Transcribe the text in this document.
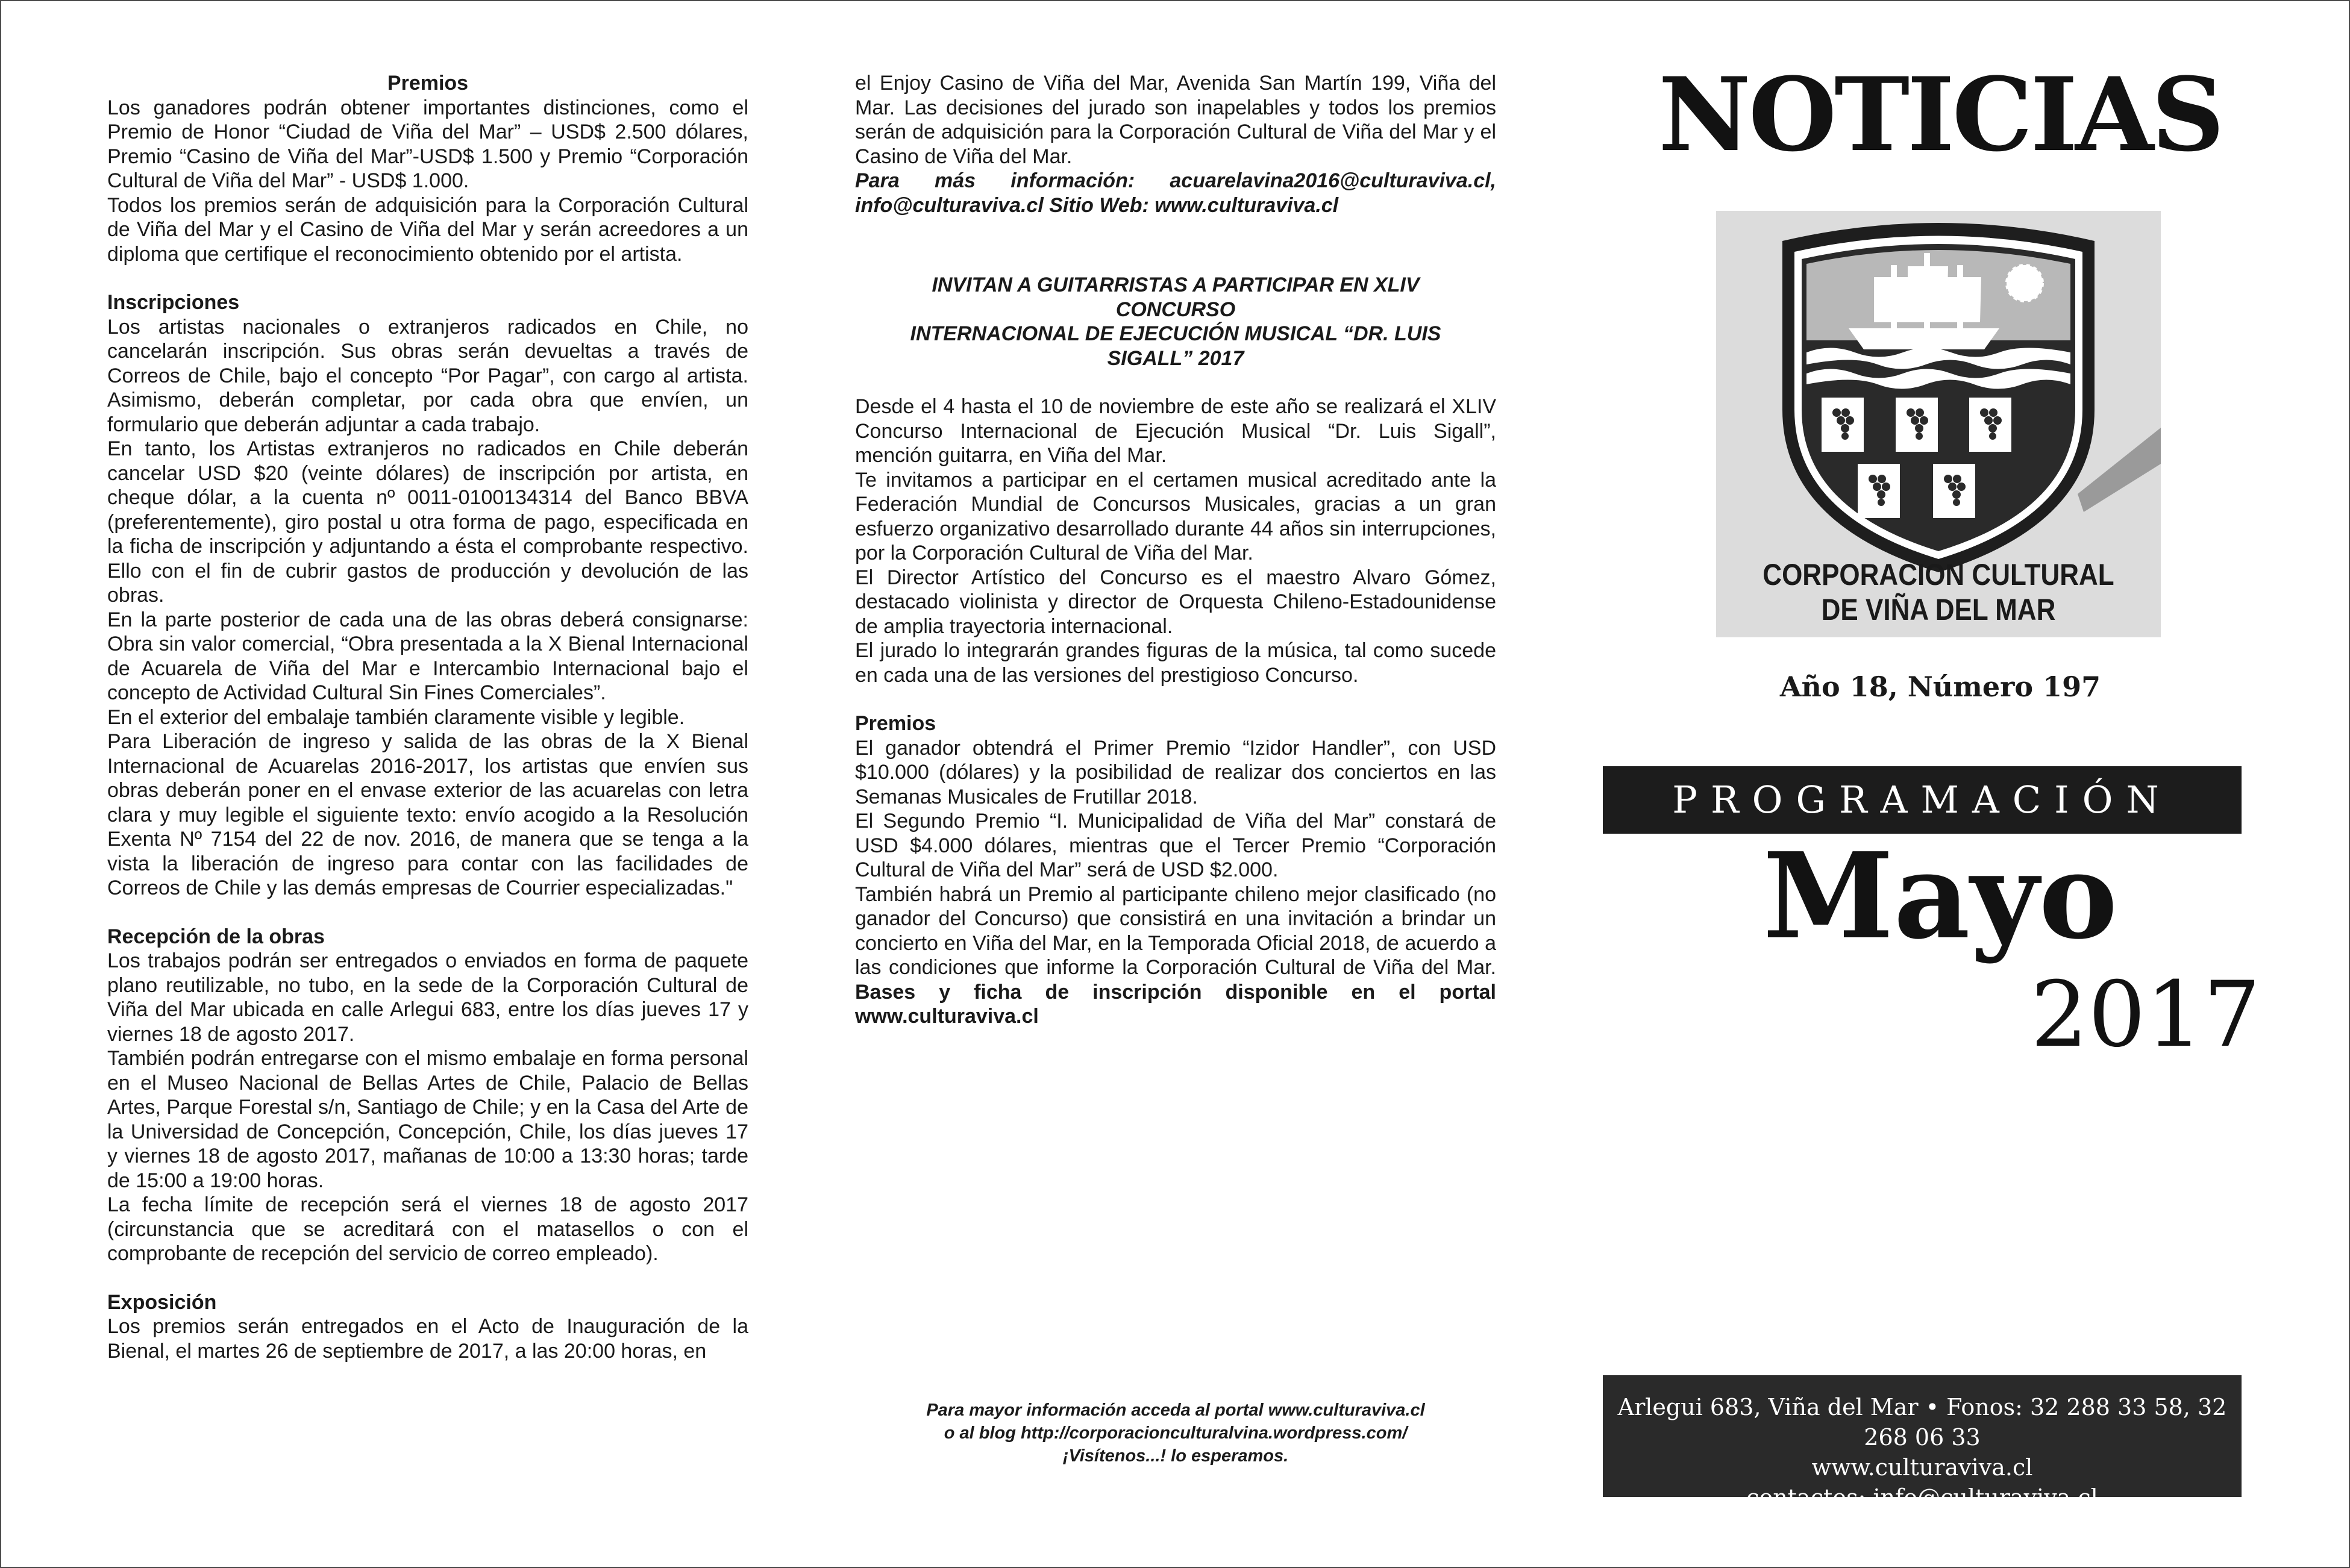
Premios

Los ganadores podrán obtener importantes distinciones, como el Premio de Honor “Ciudad de Viña del Mar” – USD$ 2.500 dólares, Premio “Casino de Viña del Mar”-USD$ 1.500 y Premio “Corporación Cultural de Viña del Mar” - USD$ 1.000.

Todos los premios serán de adquisición para la Corporación Cultural de Viña del Mar y el Casino de Viña del Mar y serán acreedores a un diploma que certifique el reconocimiento obtenido por el artista.

Inscripciones

Los artistas nacionales o extranjeros radicados en Chile, no cancelarán inscripción. Sus obras serán devueltas a través de Correos de Chile, bajo el concepto “Por Pagar”, con cargo al artista. Asimismo, deberán completar, por cada obra que envíen, un formulario que deberán adjuntar a cada trabajo.

En tanto, los Artistas extranjeros no radicados en Chile deberán cancelar USD $20 (veinte dólares) de inscripción por artista, en cheque dólar, a la cuenta nº 0011-0100134314 del Banco BBVA (preferentemente), giro postal u otra forma de pago, especificada en la ficha de inscripción y adjuntando a ésta el comprobante respectivo. Ello con el fin de cubrir gastos de producción y devolución de las obras.

En la parte posterior de cada una de las obras deberá consignarse: Obra sin valor comercial, “Obra presentada a la X Bienal Internacional de Acuarela de Viña del Mar e Intercambio Internacional bajo el concepto de Actividad Cultural Sin Fines Comerciales”.

En el exterior del embalaje también claramente visible y legible.

Para Liberación de ingreso y salida de las obras de la X Bienal Internacional de Acuarelas 2016-2017, los artistas que envíen sus obras deberán poner en el envase exterior de las acuarelas con letra clara y muy legible el siguiente texto: envío acogido a la Resolución Exenta Nº 7154 del 22 de nov. 2016, de manera que se tenga a la vista la liberación de ingreso para contar con las facilidades de Correos de Chile y las demás empresas de Courrier especializadas."

Recepción de la obras

Los trabajos podrán ser entregados o enviados en forma de paquete plano reutilizable, no tubo, en la sede de la Corporación Cultural de Viña del Mar ubicada en calle Arlegui 683, entre los días jueves 17 y viernes 18 de agosto 2017.

También podrán entregarse con el mismo embalaje en forma personal en el Museo Nacional de Bellas Artes de Chile, Palacio de Bellas Artes, Parque Forestal s/n, Santiago de Chile; y en la Casa del Arte de la Universidad de Concepción, Concepción, Chile, los días jueves 17 y viernes 18 de agosto 2017, mañanas de 10:00 a 13:30 horas; tarde de 15:00 a 19:00 horas.

La fecha límite de recepción será el viernes 18 de agosto 2017 (circunstancia que se acreditará con el matasellos o con el comprobante de recepción del servicio de correo empleado).

Exposición

Los premios serán entregados en el Acto de Inauguración de la Bienal, el martes 26 de septiembre de 2017, a las 20:00 horas, en

el Enjoy Casino de Viña del Mar, Avenida San Martín 199, Viña del Mar. Las decisiones del jurado son inapelables y todos los premios serán de adquisición para la Corporación Cultural de Viña del Mar y el Casino de Viña del Mar.

Para más información: acuarelavina2016@culturaviva.cl, info@culturaviva.cl Sitio Web: www.culturaviva.cl

INVITAN A GUITARRISTAS A PARTICIPAR EN XLIV

CONCURSO

INTERNACIONAL DE EJECUCIÓN MUSICAL “DR. LUIS

SIGALL” 2017

Desde el 4 hasta el 10 de noviembre de este año se realizará el XLIV Concurso Internacional de Ejecución Musical “Dr. Luis Sigall”, mención guitarra, en Viña del Mar.

Te invitamos a participar en el certamen musical acreditado ante la Federación Mundial de Concursos Musicales, gracias a un gran esfuerzo organizativo desarrollado durante 44 años sin interrupciones, por la Corporación Cultural de Viña del Mar.

El Director Artístico del Concurso es el maestro Alvaro Gómez, destacado violinista y director de Orquesta Chileno-Estadounidense de amplia trayectoria internacional.

El jurado lo integrarán grandes figuras de la música, tal como sucede en cada una de las versiones del prestigioso Concurso.

Premios

El ganador obtendrá el Primer Premio “Izidor Handler”, con USD $10.000 (dólares) y la posibilidad de realizar dos conciertos en las Semanas Musicales de Frutillar 2018.

El Segundo Premio “I. Municipalidad de Viña del Mar” constará de USD $4.000 dólares, mientras que el Tercer Premio “Corporación Cultural de Viña del Mar” será de USD $2.000.

También habrá un Premio al participante chileno mejor clasificado (no ganador del Concurso) que consistirá en una invitación a brindar un concierto en Viña del Mar, en la Temporada Oficial 2018, de acuerdo a las condiciones que informe la Corporación Cultural de Viña del Mar. Bases y ficha de inscripción disponible en el portal www.culturaviva.cl

Para mayor información acceda al portal www.culturaviva.cl

o al blog http://corporacionculturalvina.wordpress.com/

¡Visítenos...! lo esperamos.

NOTICIAS
CORPORACION CULTURAL
DE VIÑA DEL MAR
Año 18, Número 197
PROGRAMACIÓN
Mayo
2017

Arlegui 683, Viña del Mar • Fonos: 32 288 33 58, 32 268 06 33

www.culturaviva.cl

contactos: info@culturaviva.cl
